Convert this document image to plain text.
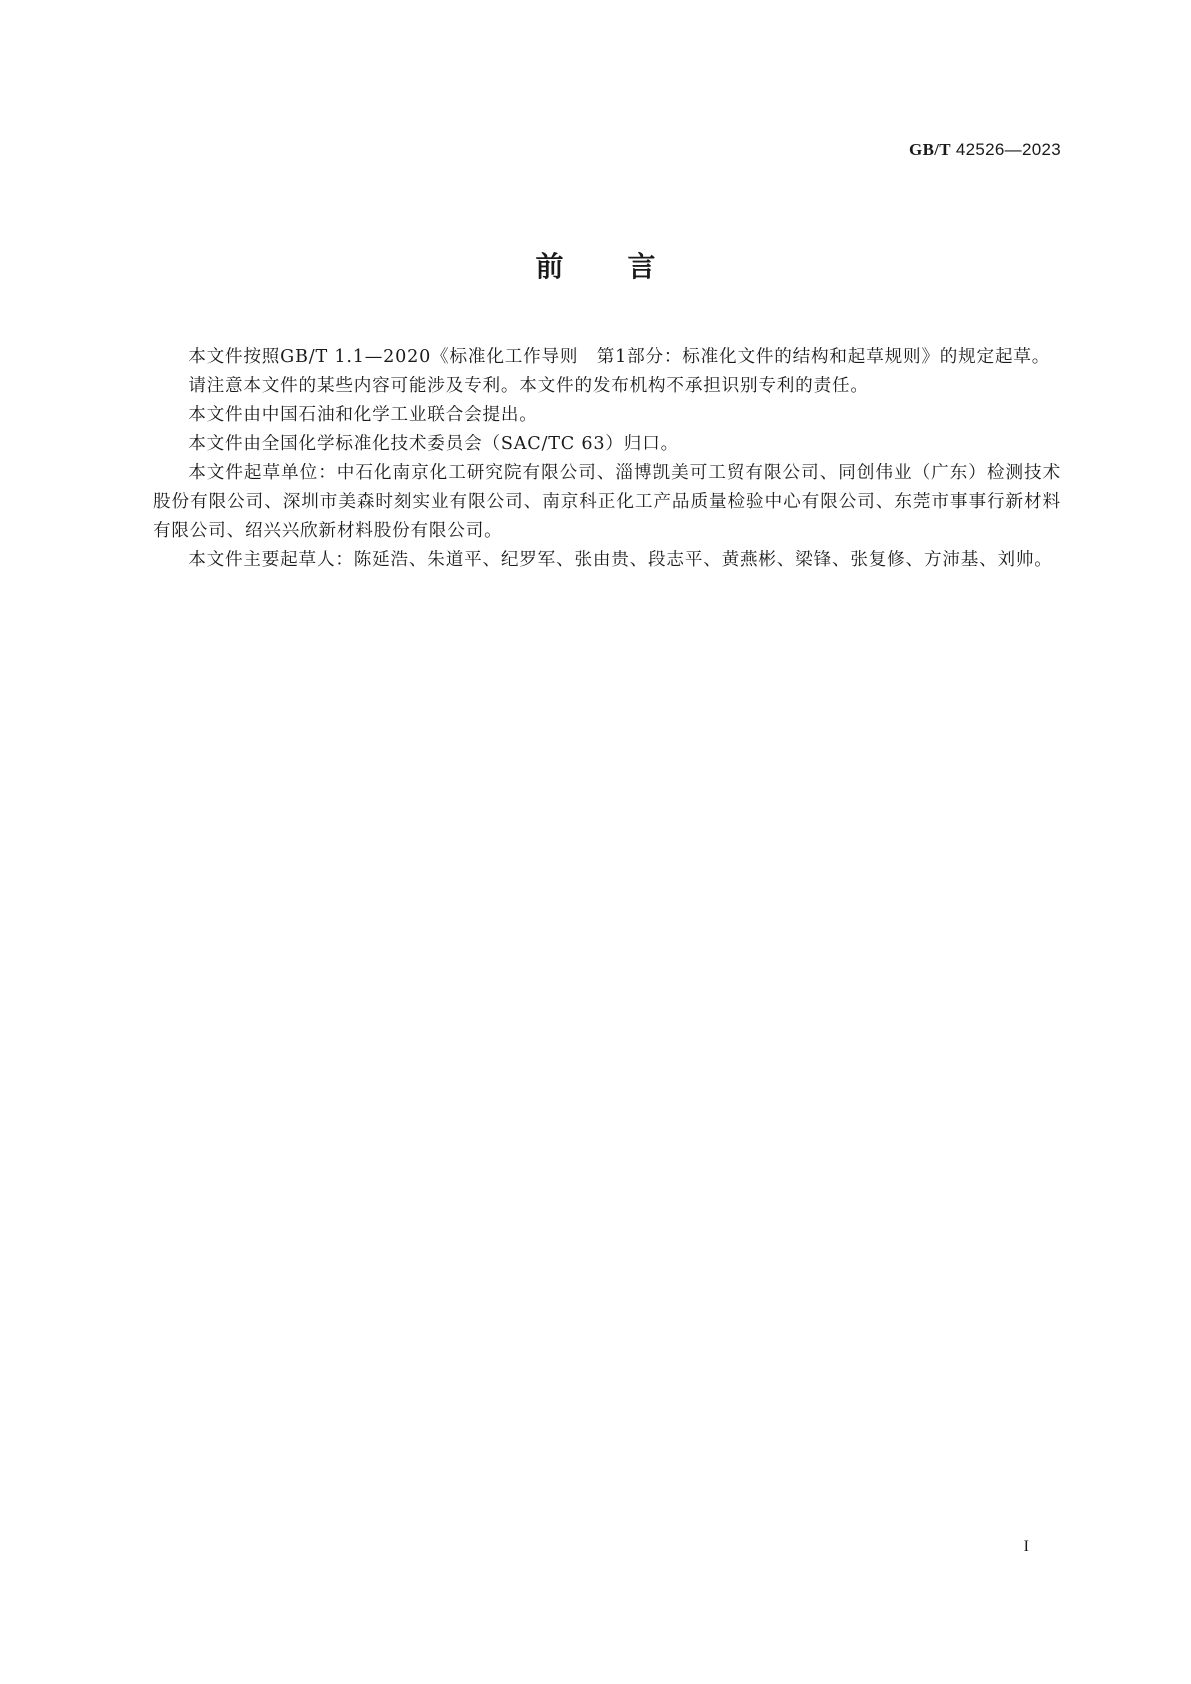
GB/T 42526—2023
前言

本文件按照GB/T 1.1—2020《标准化工作导则　第1部分：标准化文件的结构和起草规则》的规定起草。

请注意本文件的某些内容可能涉及专利。本文件的发布机构不承担识别专利的责任。

本文件由中国石油和化学工业联合会提出。

本文件由全国化学标准化技术委员会（SAC/TC 63）归口。

本文件起草单位：中石化南京化工研究院有限公司、淄博凯美可工贸有限公司、同创伟业（广东）检测技术股份有限公司、深圳市美森时刻实业有限公司、南京科正化工产品质量检验中心有限公司、东莞市事事行新材料有限公司、绍兴兴欣新材料股份有限公司。

本文件主要起草人：陈延浩、朱道平、纪罗军、张由贵、段志平、黄燕彬、梁锋、张复修、方沛基、刘帅。

I
